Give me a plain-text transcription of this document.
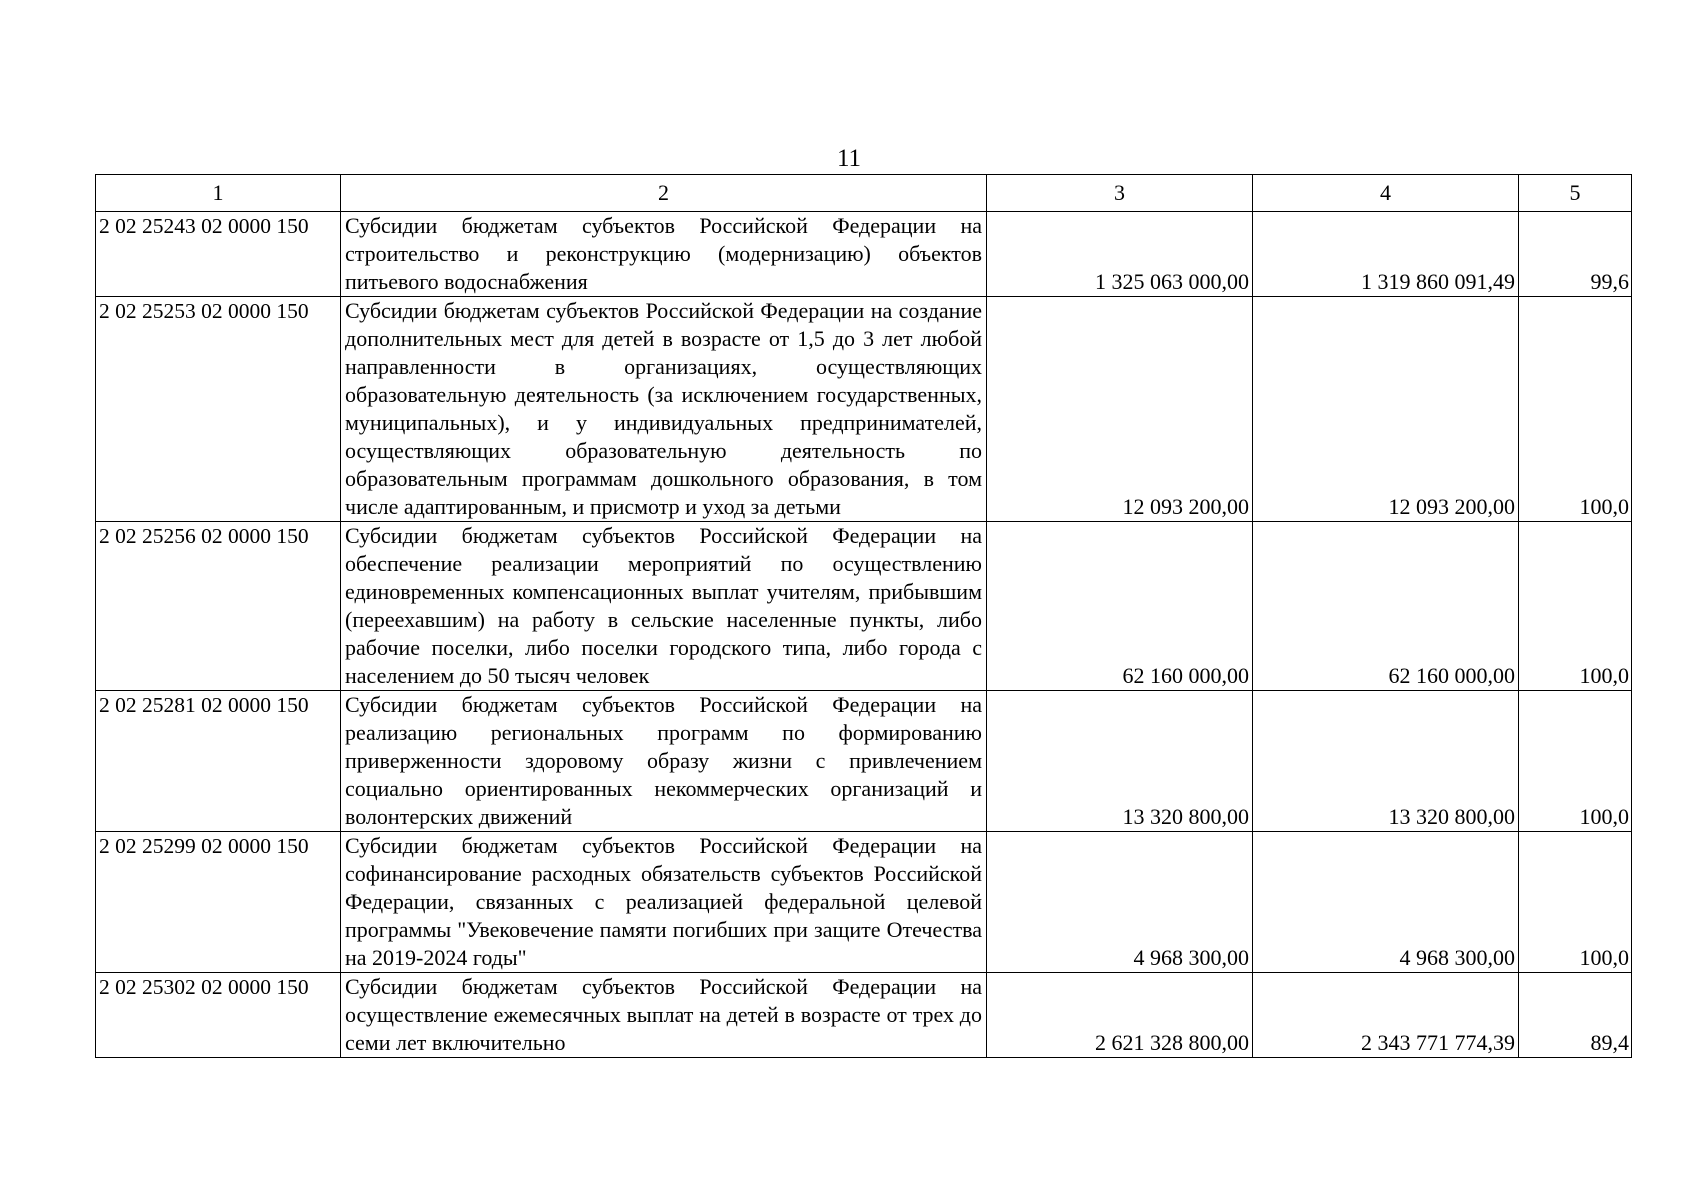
11
1	2	3	4	5
2 02 25243 02 0000 150	Субсидии бюджетам субъектов Российской Федерации на строительство и реконструкцию (модернизацию) объектов питьевого водоснабжения	1 325 063 000,00	1 319 860 091,49	99,6
2 02 25253 02 0000 150	Субсидии бюджетам субъектов Российской Федерации на создание дополнительных мест для детей в возрасте от 1,5 до 3 лет любой направленности в организациях, осуществляющих образовательную деятельность (за исключением государственных, муниципальных), и у индивидуальных предпринимателей, осуществляющих образовательную деятельность по образовательным программам дошкольного образования, в том числе адаптированным, и присмотр и уход за детьми	12 093 200,00	12 093 200,00	100,0
2 02 25256 02 0000 150	Субсидии бюджетам субъектов Российской Федерации на обеспечение реализации мероприятий по осуществлению единовременных компенсационных выплат учителям, прибывшим (переехавшим) на работу в сельские населенные пункты, либо рабочие поселки, либо поселки городского типа, либо города с населением до 50 тысяч человек	62 160 000,00	62 160 000,00	100,0
2 02 25281 02 0000 150	Субсидии бюджетам субъектов Российской Федерации на реализацию региональных программ по формированию приверженности здоровому образу жизни с привлечением социально ориентированных некоммерческих организаций и волонтерских движений	13 320 800,00	13 320 800,00	100,0
2 02 25299 02 0000 150	Субсидии бюджетам субъектов Российской Федерации на софинансирование расходных обязательств субъектов Российской Федерации, связанных с реализацией федеральной целевой программы "Увековечение памяти погибших при защите Отечества на 2019-2024 годы"	4 968 300,00	4 968 300,00	100,0
2 02 25302 02 0000 150	Субсидии бюджетам субъектов Российской Федерации на осуществление ежемесячных выплат на детей в возрасте от трех до семи лет включительно	2 621 328 800,00	2 343 771 774,39	89,4
